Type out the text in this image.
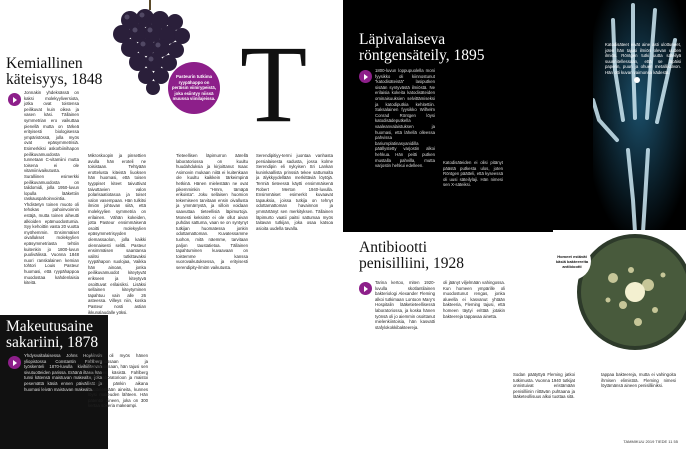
Pasteurin tutkima ryypähappo on peräisin viinirypeistä, joka esiintyy niissä muussa viinilajeissa.
Kemiallinen
käteisyys, 1848
Jonnakin yhdeksässä on kaksi molekyyliversiota, jotka ovat toistensa peilikuvat kuin oikea ja vasen käsi. Tällainen symmetrian ero vaikuttaa pienellä mutta on tärkeä erityisesti biologisessa ympäristössä, jolla myös ovat epäsymmetrisiä. Esimerkiksi askorbiinihapon peilikuvamuodosta tunnetaan C-vitamiini mutta toisena ei ole vitamiinivaikutusta. Suralliinen esimerkki peilikuvamuodosta on talidomidi, jolla 1950-luvun lopulla lääkettiin raskauspahoinvointia. Yhdistetyn toinen muoto oli tehokas pahoinvoinnin estäjä, mutta toinen aiheutti alkioiden epämuodostumia. Syy kehoittin vasta 20 vuotta myöhemmin. Ensimmäiset oivallukset molekyylien epäsymmetriasta tehtiin kuitenkin jo 1800-luvun puolivälissä. Vuonna 1848 nuori ranskalainen kemian tohtori Louis Pasteur huomasi, että ryypähappoa muodostaa kahdenlaisia kiteitä.
Mikroskoopin ja pinsettien avulla hän eroteli ne toisistaan. Tehtyään erottelusta kiteistä liuoksen hän huomasi, että toisen tyyppiset kiteet taivuttivat taivuttavien valon polarisaatiotasoa ja toiset valon vasempaan. Hän tulkitsi ilmiön johtuvan siitä, että molekyylien symmetria on erilainen. Vähän kokeiden, jotta Pasteur ensimmäisenä osoitti molekyylien epäsymmetrisyyden olemassaolon, jolla kaikki olennaisesti selitti. Pasteur ensimmäisen saantansa valitsi tutkittavaksi ryypähapon suolojaa, Vaikka hän ainoan, jonka peilikuvamuodot kiteytyvät erikseen ja kiteytyvä osoittuvat erilaisiksi. Lisäksi sellainen kiteytyminen tapahtuu vain alle 26 asteessa. Villeys niin, koska Pasteur nosti astian ikkunalaudalle yöksi.
T
Tieteellisen läpimurron äärellä laboratoriossa on kuultu huudahduksia ja kirjoittanut Isaac Asimovin mukaan niitä ei kuitenkaan ole kuultu kaikkein tärkeimpinä hetkinä. Hänen mielestään ne ovat pikemminkin ”Hmm, tämäpä erikoista”. Joku sellaisen huomion tekemiseen tarvitaan ensin oivallusta ja ymmärrystä, ja silloin voidaan saavuttaa tieteellisiä läpimurtoja. Monesti keksintö ei ole ollut aivan puhdas sattuma, vaan se on syntynyt tutkijan huomatessa jonkin odottamattoman. Kuvatessamme tuohon, mitä näemme, tarvitaan paljon taustatietoa. Tällainen tapahtuminen kuvaavaan on toistemme kanssa vuorovaikutuksessa, ja erityisesti serendipity-ilmiön vaikutusta.
Serendipitiyy-termi juontaa vanhasta persialaisesta sadusta, jossa kolme Serendipin eli nykyisen Sri Lankan kuninkaallista prinssiä tekee sattumalta ja älykkyydellään merkittäviä löytöjä. Termiä tieteessä käytti ensimmäisenä Robert Merton 1940-luvulla. Ensimmäiset esimerkit kuvaavat tapauksia, joissa tutkija on tehnyt odottamattoman havainnon ja ymmärtänyt sen merkityksen. Tällainen läpimurto vaatii paitsi sattumaa myös taitavan tutkijan, joka osaa katsoa asioita uudella tavalla.
Makeutusaine
sakariini, 1878
Yhdysvaltalaisessa Johns Hopkinsin yliopistossa Constantin Fahlberg työskenteli 1870-luvulla kivihiilitervan sivutuotteiden parissa. Eräänä iltana hän tunsi kätensä maistuvan makealta, joka pesemättä käsiä ennen päivällistä ja huomasi leivän maistuvan makealta.
makeus oli myös hänen lautasliinassaan ja juomalasissaan, hän tajusi sen tarttuneen käsistä. Fahlberg palasi laboratorioon ja maistoi kaikkien pänkin aikana käsittelemiään aineita, kunnes löysi makeuden lähteen. Hän patentoi aineen, joka on 300 kertaa sokeria makeampi.
Läpivalaiseva
röntgensäteily, 1895
1800-luvun loppupuolella moni fyysikko oli kiinnostunut ”katodisäteistä” lasiputken sisään syntyvästä ilmiöstä. Ne erilaisia kokeita katodisäteiden ominaisuuksien selvittämiseksi ja katodiputkia kehitettiin. Saksalainen fyysikko Wilhelm Conrad Röntgen löysi katodisädeputkella vaaleanvalaistuksen ja huomasi, että lähellä olleessa pahvissa bariumplatinasyanidilla päällystetty varjostin alkoi hehkua. Hän peitti putken mustalla pahvilla, mutta varjostin hehkui edelleen.
Katodisäteiden ei olisi pitänyt päästä putkesta ulos, joten Röntgen päätteli, että kyseessä oli uusi säteilylaji. Hän nimesi sen X-säteiksi.
Katodisäteet eivät aine asti ulottuneet, joten hän tajusi ilmiön olevan uuden ilmiön. Röntgen tutki uutta säteilyä suunnitellessaan, että se läpäisi paperin, puun ja ohuen metallikalvon. Hän otti kuvan vaimonsa kädestä.
Antibiootti
penisilliini, 1928
Tarina kertoo, miten 1920-luvulla skotlantilainen bakteriologi Alexander Fleming alkoi tutkimaan Lontoon Mary's Hospitalin lääketieteellisessä laboratoriossa, ja koska hänen työnsä oli jo aiemmin osoittanut mielenkiintoisia, hän kasvatti stafylokokkibakteereja.
oli jäänyt viljelmään vahingossa. Kun homeen ympärille oli muodostunut rengas, jonka alueella ei kasvanut yhtään bakteeria, Fleming tajusi, että homeen täytyi erittää jotakin bakteereja tappavaa ainetta.
Sodan päätyttyä Fleming jatkoi tutkimusta. Vuonna 1940 tutkijat onnistuivat eristämään penisilliinin riittävän puhtaana ja lääketeollisuus alkoi tuottaa sitä.
tappaa bakteereja, mutta ei vahingoita ihmisen elimistöä. Fleming nimesi löytämänsä aineen penisilliiniksi.
Homeet estävät käsiä bakteereita antibiootti
TAMMIKUU 2019 TIEDE 11 55
